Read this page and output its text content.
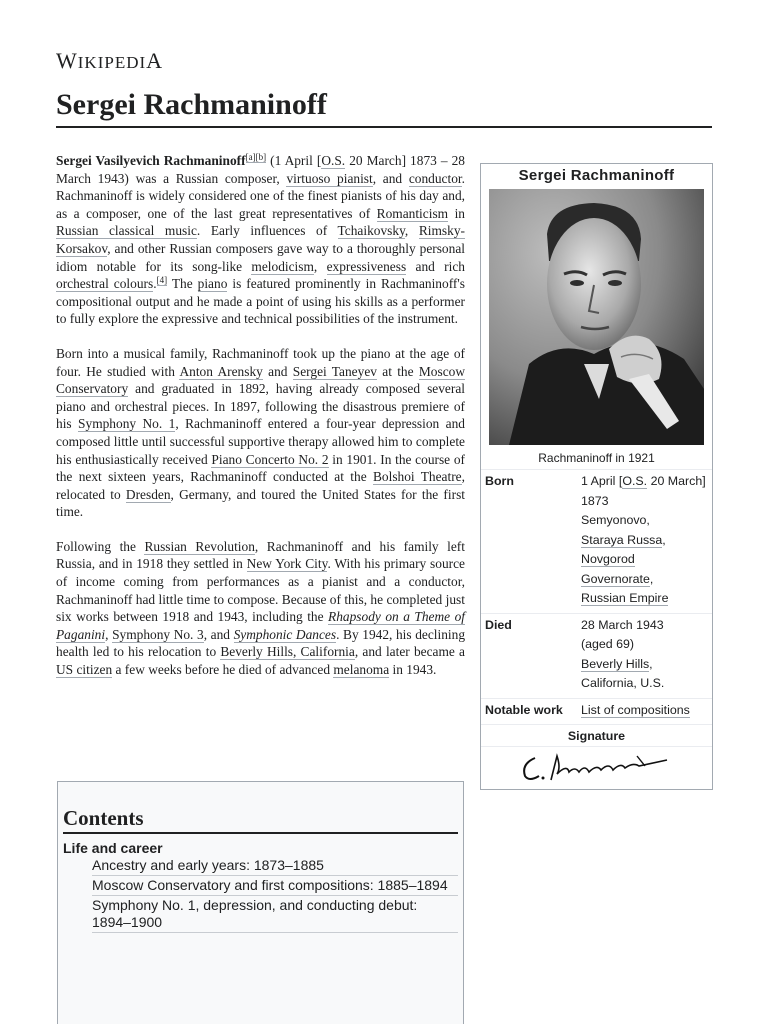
WIKIPEDIA
Sergei Rachmaninoff

Sergei Vasilyevich Rachmaninoff[a][b] (1 April [O.S. 20 March] 1873 – 28 March 1943) was a Russian composer, virtuoso pianist, and conductor. Rachmaninoff is widely considered one of the finest pianists of his day and, as a composer, one of the last great representatives of Romanticism in Russian classical music. Early influences of Tchaikovsky, Rimsky-Korsakov, and other Russian composers gave way to a thoroughly personal idiom notable for its song-like melodicism, expressiveness and rich orchestral colours.[4] The piano is featured prominently in Rachmaninoff's compositional output and he made a point of using his skills as a performer to fully explore the expressive and technical possibilities of the instrument.

Born into a musical family, Rachmaninoff took up the piano at the age of four. He studied with Anton Arensky and Sergei Taneyev at the Moscow Conservatory and graduated in 1892, having already composed several piano and orchestral pieces. In 1897, following the disastrous premiere of his Symphony No. 1, Rachmaninoff entered a four-year depression and composed little until successful supportive therapy allowed him to complete his enthusiastically received Piano Concerto No. 2 in 1901. In the course of the next sixteen years, Rachmaninoff conducted at the Bolshoi Theatre, relocated to Dresden, Germany, and toured the United States for the first time.

Following the Russian Revolution, Rachmaninoff and his family left Russia, and in 1918 they settled in New York City. With his primary source of income coming from performances as a pianist and a conductor, Rachmaninoff had little time to compose. Because of this, he completed just six works between 1918 and 1943, including the Rhapsody on a Theme of Paganini, Symphony No. 3, and Symphonic Dances. By 1942, his declining health led to his relocation to Beverly Hills, California, and later became a US citizen a few weeks before he died of advanced melanoma in 1943.

Sergei Rachmaninoff
Rachmaninoff in 1921
Born	1 April [O.S. 20 March] 1873
Semyonovo,
Staraya Russa,
Novgorod Governorate,
Russian Empire
Died	28 March 1943
(aged 69)
Beverly Hills,
California, U.S.
Notable work	List of compositions
Signature
Contents
Life and career
Ancestry and early years: 1873–1885
Moscow Conservatory and first compositions: 1885–1894
Symphony No. 1, depression, and conducting debut: 1894–1900
